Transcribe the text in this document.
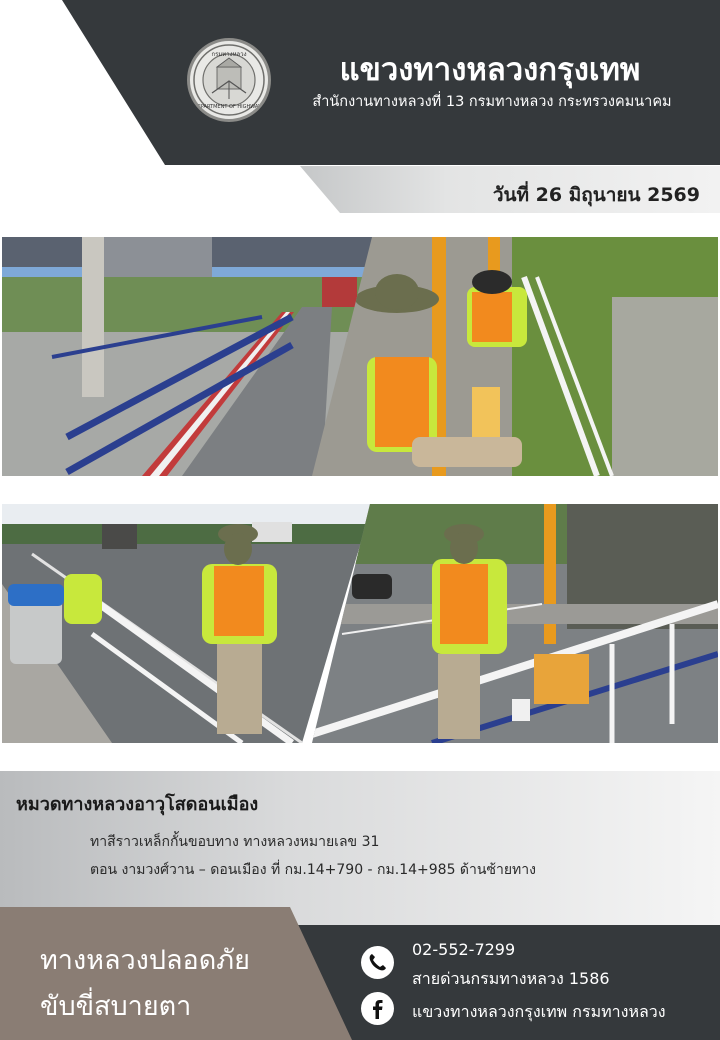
กรมทางหลวง
DEPARTMENT OF HIGHWAYS
แขวงทางหลวงกรุงเทพ
สำนักงานทางหลวงที่ 13 กรมทางหลวง กระทรวงคมนาคม
วันที่ 26 มิถุนายน 2569
หมวดทางหลวงอาวุโสดอนเมือง
ทาสีราวเหล็กกั้นขอบทาง ทางหลวงหมายเลข 31
ตอน งามวงศ์วาน – ดอนเมือง ที่ กม.14+790 - กม.14+985 ด้านซ้ายทาง
ทางหลวงปลอดภัย
ขับขี่สบายตา
02-552-7299
สายด่วนกรมทางหลวง 1586
แขวงทางหลวงกรุงเทพ กรมทางหลวง
